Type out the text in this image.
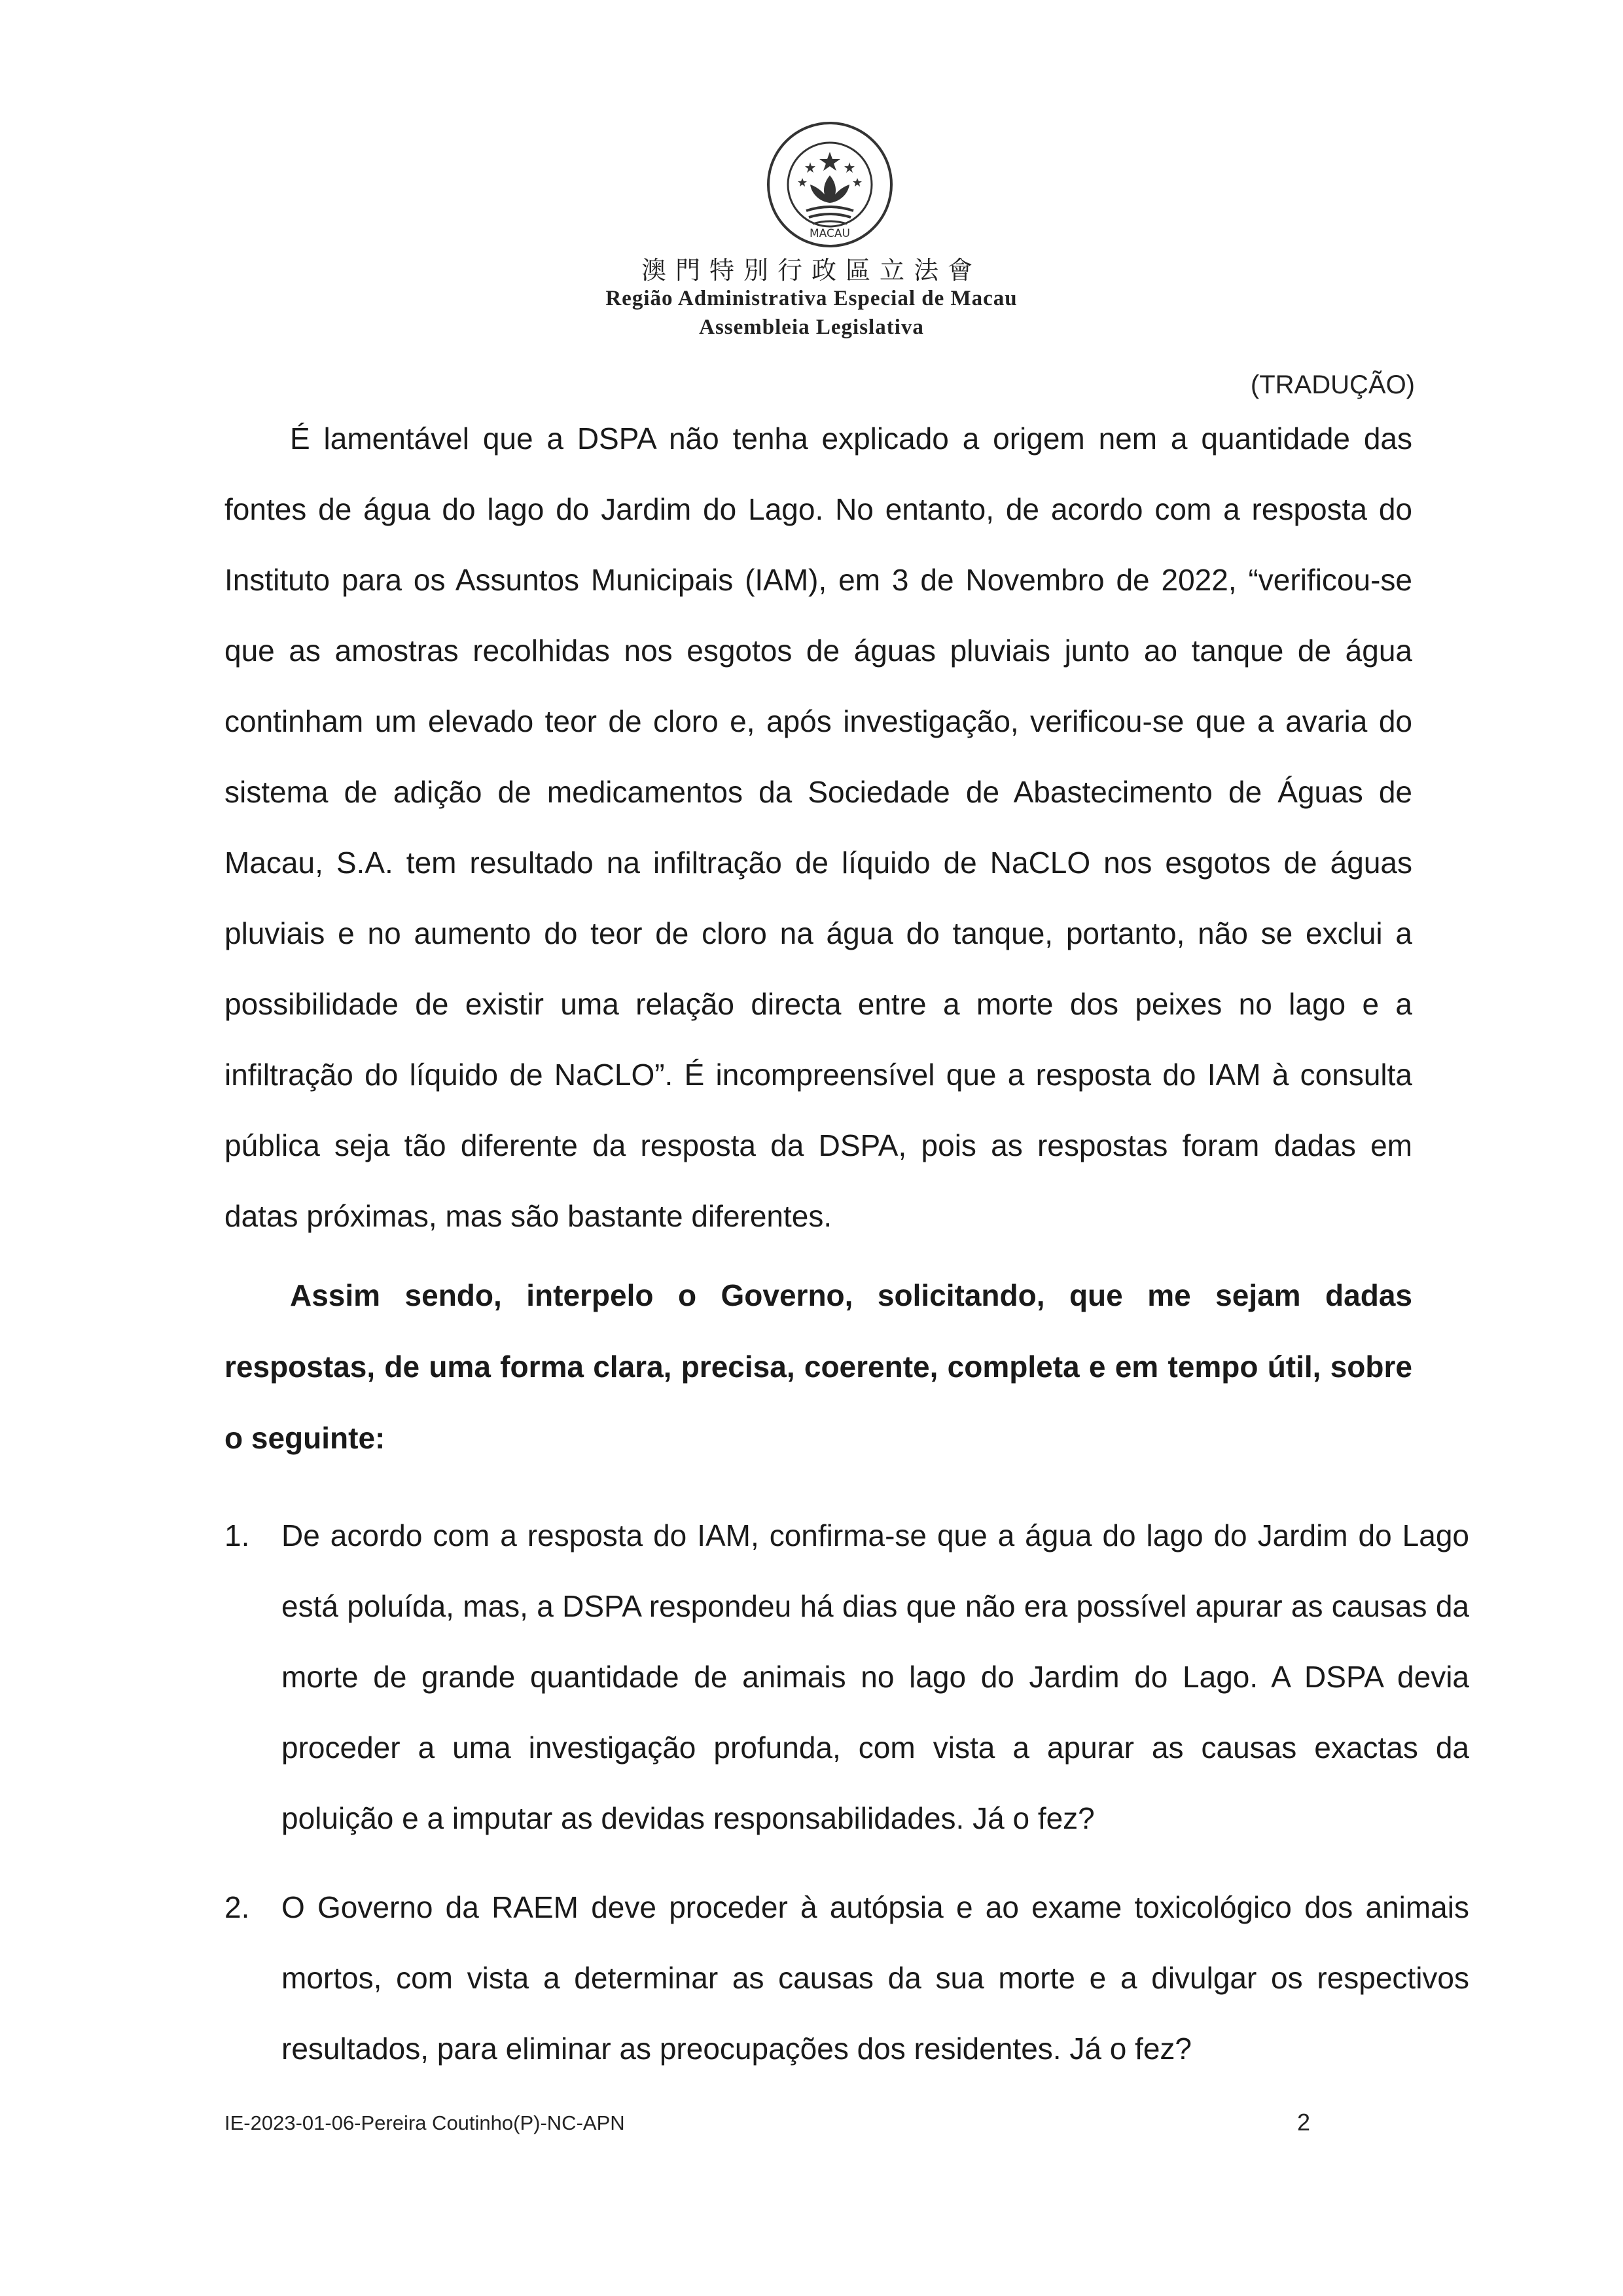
MACAU
澳門特別行政區立法會
Região Administrativa Especial de Macau
Assembleia Legislativa
(TRADUÇÃO)

É lamentável que a DSPA não tenha explicado a origem nem a quantidade das fontes de água do lago do Jardim do Lago. No entanto, de acordo com a resposta do Instituto para os Assuntos Municipais (IAM), em 3 de Novembro de 2022, “verificou-se que as amostras recolhidas nos esgotos de águas pluviais junto ao tanque de água continham um elevado teor de cloro e, após investigação, verificou-se que a avaria do sistema de adição de medicamentos da Sociedade de Abastecimento de Águas de Macau, S.A. tem resultado na infiltração de líquido de NaCLO nos esgotos de águas pluviais e no aumento do teor de cloro na água do tanque, portanto, não se exclui a possibilidade de existir uma relação directa entre a morte dos peixes no lago e a infiltração do líquido de NaCLO”. É incompreensível que a resposta do IAM à consulta pública seja tão diferente da resposta da DSPA, pois as respostas foram dadas em datas próximas, mas são bastante diferentes.

Assim sendo, interpelo o Governo, solicitando, que me sejam dadas respostas, de uma forma clara, precisa, coerente, completa e em tempo útil, sobre o seguinte:

1. De acordo com a resposta do IAM, confirma-se que a água do lago do Jardim do Lago está poluída, mas, a DSPA respondeu há dias que não era possível apurar as causas da morte de grande quantidade de animais no lago do Jardim do Lago. A DSPA devia proceder a uma investigação profunda, com vista a apurar as causas exactas da poluição e a imputar as devidas responsabilidades. Já o fez?
2. O Governo da RAEM deve proceder à autópsia e ao exame toxicológico dos animais mortos, com vista a determinar as causas da sua morte e a divulgar os respectivos resultados, para eliminar as preocupações dos residentes. Já o fez?
IE-2023-01-06-Pereira Coutinho(P)-NC-APN	2
